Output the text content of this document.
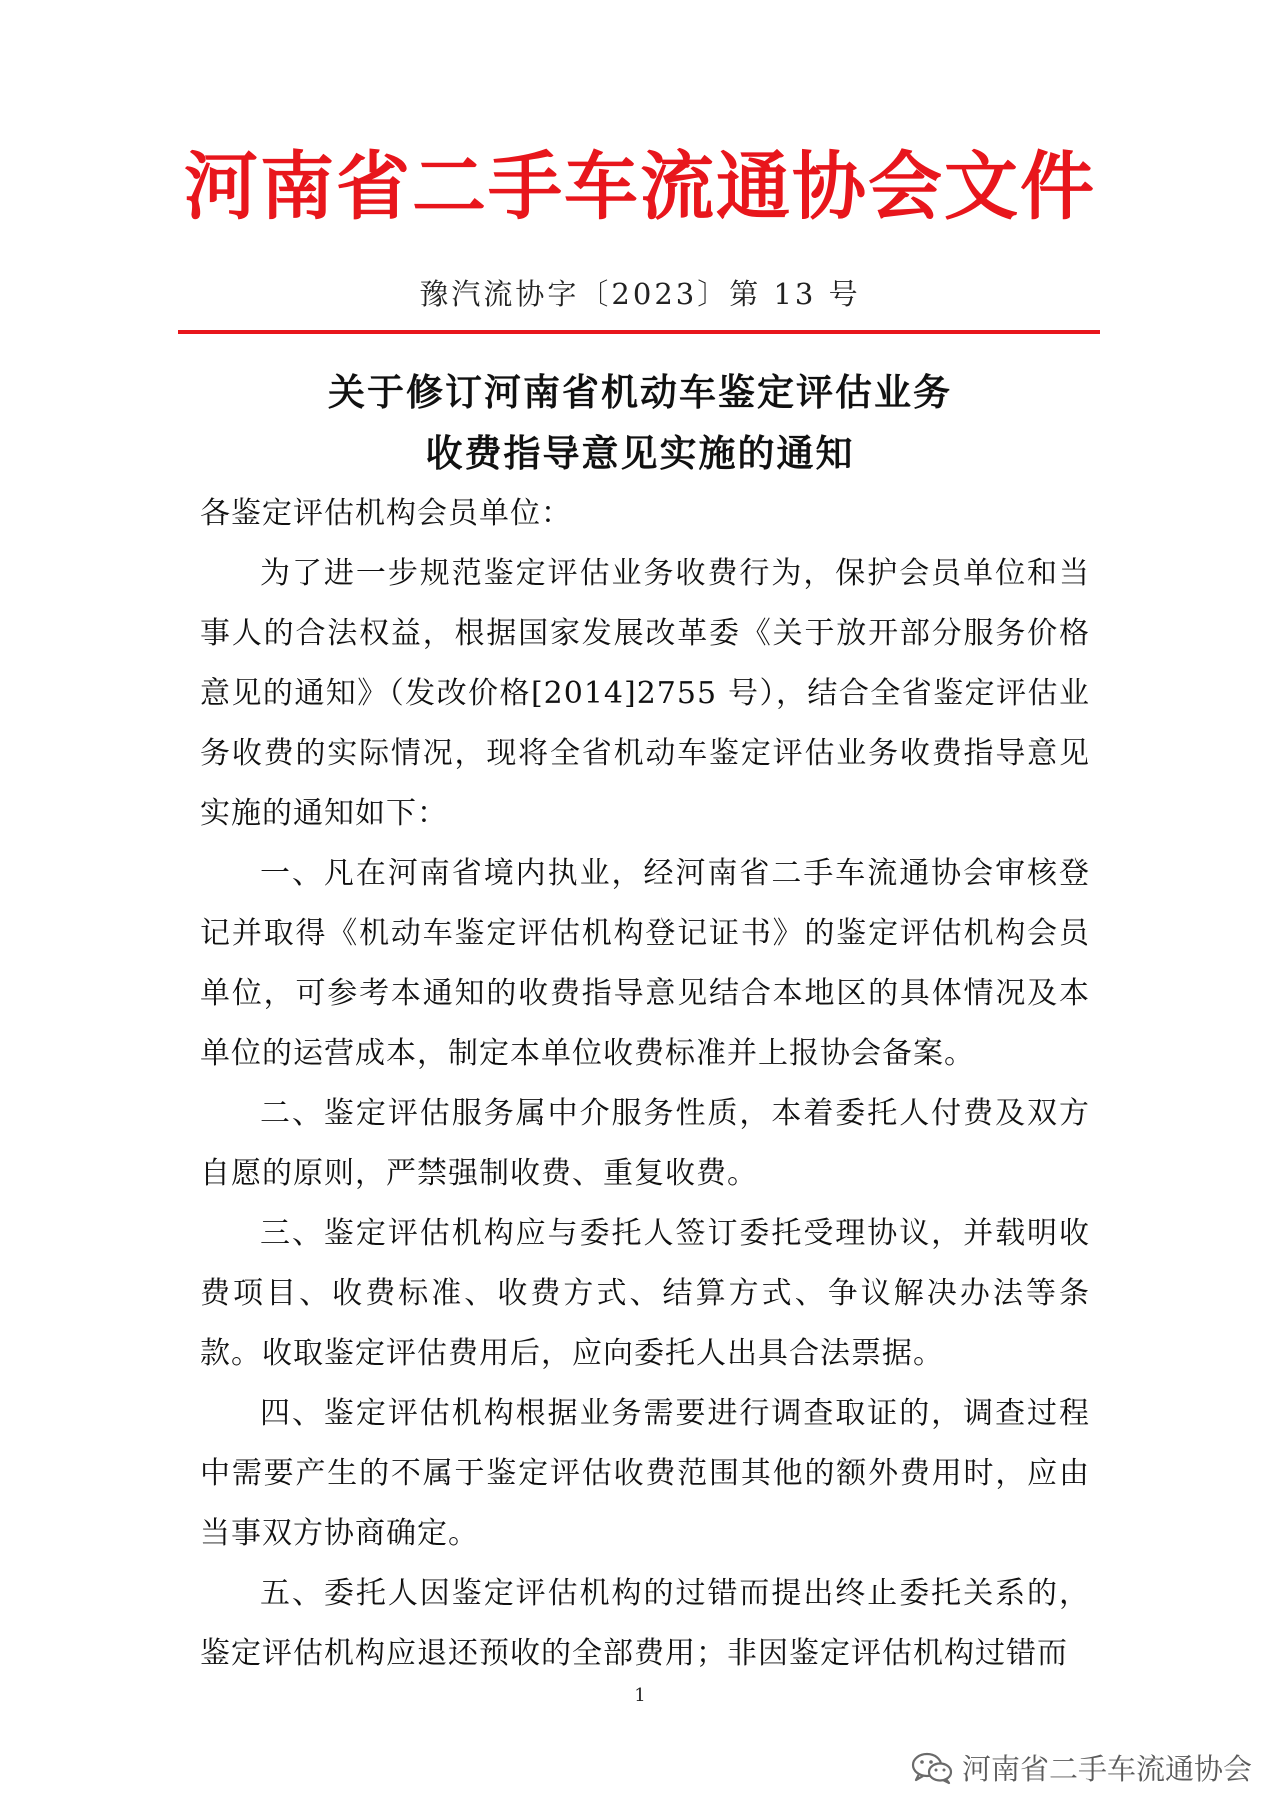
河南省二手车流通协会文件
豫汽流协字〔2023〕第 13 号
关于修订河南省机动车鉴定评估业务
收费指导意见实施的通知

各鉴定评估机构会员单位：

为了进一步规范鉴定评估业务收费行为，保护会员单位和当事人的合法权益，根据国家发展改革委《关于放开部分服务价格意见的通知》（发改价格[2014]2755 号），结合全省鉴定评估业务收费的实际情况，现将全省机动车鉴定评估业务收费指导意见实施的通知如下：

一、凡在河南省境内执业，经河南省二手车流通协会审核登记并取得《机动车鉴定评估机构登记证书》的鉴定评估机构会员单位，可参考本通知的收费指导意见结合本地区的具体情况及本单位的运营成本，制定本单位收费标准并上报协会备案。

二、鉴定评估服务属中介服务性质，本着委托人付费及双方自愿的原则，严禁强制收费、重复收费。

三、鉴定评估机构应与委托人签订委托受理协议，并载明收费项目、收费标准、收费方式、结算方式、争议解决办法等条款。收取鉴定评估费用后，应向委托人出具合法票据。

四、鉴定评估机构根据业务需要进行调查取证的，调查过程中需要产生的不属于鉴定评估收费范围其他的额外费用时，应由当事双方协商确定。

五、委托人因鉴定评估机构的过错而提出终止委托关系的，鉴定评估机构应退还预收的全部费用；非因鉴定评估机构过错而

1
河南省二手车流通协会
